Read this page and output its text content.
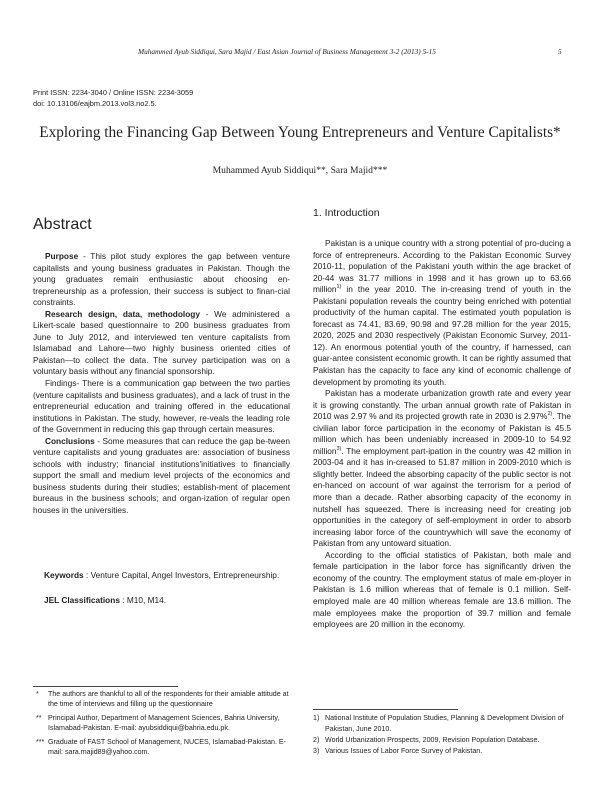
Muhammed Ayub Siddiqui, Sara Majid / East Asian Journal of Business Management 3-2 (2013) 5-15	5
Print ISSN: 2234-3040 / Online ISSN: 2234-3059
doi: 10.13106/eajbm.2013.vol3.no2.5.
Exploring the Financing Gap Between Young Entrepreneurs and Venture Capitalists*
Muhammed Ayub Siddiqui**, Sara Majid***
Abstract

Purpose - This pilot study explores the gap between venture capitalists and young business graduates in Pakistan. Though the young graduates remain enthusiastic about choosing en-trepreneurship as a profession, their success is subject to finan-cial constraints.

Research design, data, methodology - We administered a Likert-scale based questionnaire to 200 business graduates from June to July 2012, and interviewed ten venture capitalists from Islamabad and Lahore—two highly business oriented cities of Pakistan—to collect the data. The survey participation was on a voluntary basis without any financial sponsorship.

Findings- There is a communication gap between the two parties (venture capitalists and business graduates), and a lack of trust in the entrepreneurial education and training offered in the educational institutions in Pakistan. The study, however, re-veals the leading role of the Government in reducing this gap through certain measures.

Conclusions - Some measures that can reduce the gap be-tween venture capitalists and young graduates are: association of business schools with industry; financial institutions'initiatives to financially support the small and medium level projects of the economics and business students during their studies; establish-ment of placement bureaus in the business schools; and organ-ization of regular open houses in the universities.

Keywords : Venture Capital, Angel Investors, Entrepreneurship.
JEL Classifications : M10, M14.
* The authors are thankful to all of the respondents for their amiable attitude at the time of interviews and filling up the questionnaire
** Principal Author, Department of Management Sciences, Bahria University, Islamabad-Pakistan. E-mail: ayubsiddiqui@bahria.edu.pk.
*** Graduate of FAST School of Management, NUCES, Islamabad-Pakistan. E-mail: sara.majid89@yahoo.com.
1. Introduction

Pakistan is a unique country with a strong potential of pro-ducing a force of entrepreneurs. According to the Pakistan Economic Survey 2010-11, population of the Pakistani youth within the age bracket of 20-44 was 31.77 millions in 1998 and it has grown up to 63.66 million$^{1)}$ in the year 2010. The in-creasing trend of youth in the Pakistani population reveals the country being enriched with potential productivity of the human capital. The estimated youth population is forecast as 74.41, 83.69, 90.98 and 97.28 million for the year 2015, 2020, 2025 and 2030 respectively (Pakistan Economic Survey, 2011-12). An enormous potential youth of the country, if harnessed, can guar-antee consistent economic growth. It can be rightly assumed that Pakistan has the capacity to face any kind of economic challenge of development by promoting its youth.

Pakistan has a moderate urbanization growth rate and every year it is growing constantly. The urban annual growth rate of Pakistan in 2010 was 2.97 % and its projected growth rate in 2030 is 2.97%$^{2)}$. The civilian labor force participation in the economy of Pakistan is 45.5 million which has been undeniably increased in 2009-10 to 54.92 million$^{3)}$. The employment part-ipation in the country was 42 million in 2003-04 and it has in-creased to 51.87 million in 2009-2010 which is slightly better. Indeed the absorbing capacity of the public sector is not en-hanced on account of war against the terrorism for a period of more than a decade. Rather absorbing capacity of the economy in nutshell has squeezed. There is increasing need for creating job opportunities in the category of self-employment in order to absorb increasing labor force of the countrywhich will save the economy of Pakistan from any untoward situation.

According to the official statistics of Pakistan, both male and female participation in the labor force has significantly driven the economy of the country. The employment status of male em-ployer in Pakistan is 1.6 million whereas that of female is 0.1 million. Self-employed male are 40 million whereas female are 13.6 million. The male employees make the proportion of 39.7 million and female employees are 20 million in the economy.

1) National Institute of Population Studies, Planning & Development Division of Pakistan, June 2010.
2) World Urbanization Prospects, 2009, Revision Population Database.
3) Various Issues of Labor Force Survey of Pakistan.
